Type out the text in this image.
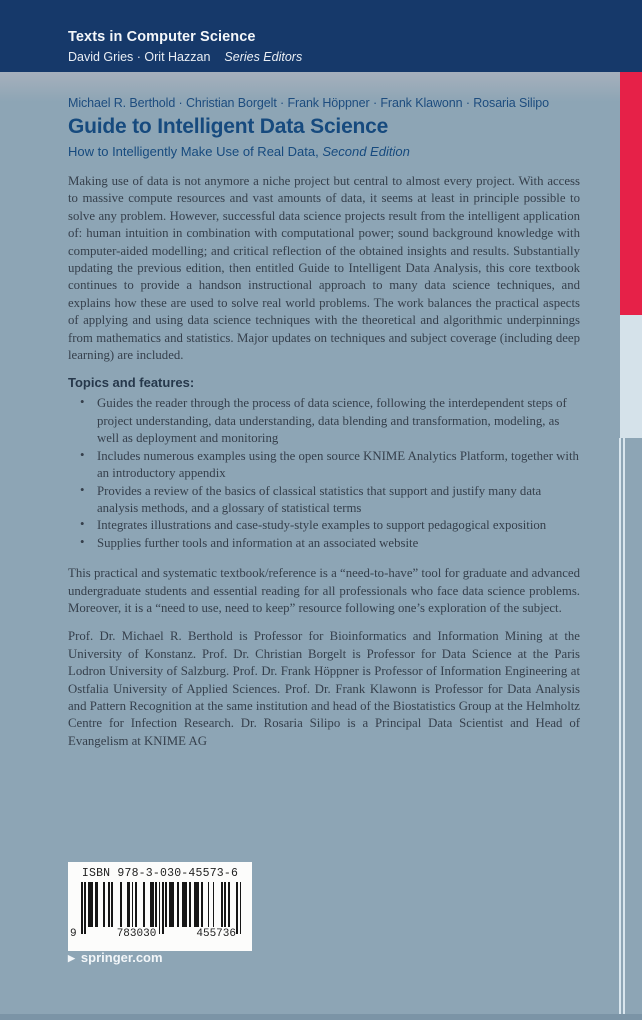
Texts in Computer Science
David Gries · Orit Hazzan Series Editors
Michael R. Berthold · Christian Borgelt · Frank Höppner · Frank Klawonn · Rosaria Silipo
Guide to Intelligent Data Science
How to Intelligently Make Use of Real Data, Second Edition

Making use of data is not anymore a niche project but central to almost every project. With access to massive compute resources and vast amounts of data, it seems at least in principle possible to solve any problem. However, successful data science projects result from the intelligent application of: human intuition in combination with computational power; sound background knowledge with computer-aided modelling; and critical reflection of the obtained insights and results. Substantially updating the previous edition, then entitled Guide to Intelligent Data Analysis, this core textbook continues to provide a handson instructional approach to many data science techniques, and explains how these are used to solve real world problems. The work balances the practical aspects of applying and using data science techniques with the theoretical and algorithmic underpinnings from mathematics and statistics. Major updates on techniques and subject coverage (including deep learning) are included.

Topics and features:
• Guides the reader through the process of data science, following the interdependent steps of project understanding, data understanding, data blending and transformation, modeling, as well as deployment and monitoring
• Includes numerous examples using the open source KNIME Analytics Platform, together with an introductory appendix
• Provides a review of the basics of classical statistics that support and justify many data analysis methods, and a glossary of statistical terms
• Integrates illustrations and case-study-style examples to support pedagogical exposition
• Supplies further tools and information at an associated website

This practical and systematic textbook/reference is a “need-to-have” tool for graduate and advanced undergraduate students and essential reading for all professionals who face data science problems. Moreover, it is a “need to use, need to keep” resource following one’s exploration of the subject.

Prof. Dr. Michael R. Berthold is Professor for Bioinformatics and Information Mining at the University of Konstanz. Prof. Dr. Christian Borgelt is Professor for Data Science at the Paris Lodron University of Salzburg. Prof. Dr. Frank Höppner is Professor of Information Engineering at Ostfalia University of Applied Sciences. Prof. Dr. Frank Klawonn is Professor for Data Analysis and Pattern Recognition at the same institution and head of the Biostatistics Group at the Helmholtz Centre for Infection Research. Dr. Rosaria Silipo is a Principal Data Scientist and Head of Evangelism at KNIME AG

ISBN 978-3-030-45573-6
9	783030	455736
▶ springer.com
